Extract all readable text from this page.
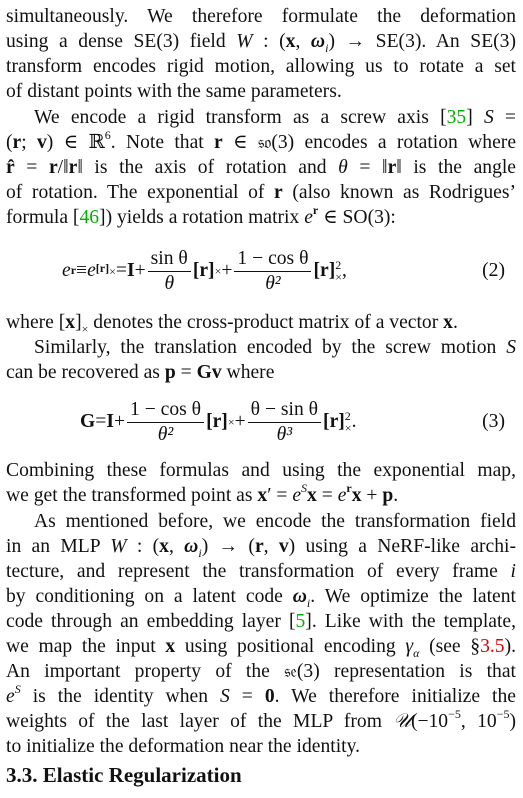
simultaneously. We therefore formulate the deformation
using a dense SE(3) field W : (x, $\omega_i) \to SE(3)$. An SE(3)
transform encodes rigid motion, allowing us to rotate a set
of distant points with the same parameters.
We encode a rigid transform as a screw axis [35] S =
(r; v) ∈ ℝ$^6$. Note that r ∈ 𝔰𝔬(3) encodes a rotation where
r̂ = r/‖r‖ is the axis of rotation and θ = ‖r‖ is the angle
of rotation. The exponential of r (also known as Rodrigues’
formula [46]) yields a rotation matrix $e^r$ ∈ SO(3):
$e^r \equiv e$ $^{[r]_\times} = I + \frac{\text{sin θ}}{\theta} [r]$ × + $\frac{\text{1 − cos θ}}{\text{θ²}} [r]$ 2
× ,	(2)
where $[x]_\times$ denotes the cross-product matrix of a vector x.
Similarly, the translation encoded by the screw motion S
can be recovered as p = Gv where
$G = I + \frac{\text{1 − cos θ}}{\text{θ²}} [r]$ × + $\frac{\text{θ − sin θ}}{\text{θ³}} [r]$ 2
× .	(3)
Combining these formulas and using the exponential map,
we get the transformed point as $x' = e^Sx = e^rx + p$.
As mentioned before, we encode the transformation field
in an MLP W : (x, $\omega_i) \to (r$, v) using a NeRF-like archi-
tecture, and represent the transformation of every frame i
by conditioning on a latent code $\omega_i$. We optimize the latent
code through an embedding layer [5]. Like with the template,
we map the input x using positional encoding $\gamma_\alpha$ (see §3.5).
An important property of the 𝔰𝔢(3) representation is that
$e^S$ is the identity when S = 0. We therefore initialize the
weights of the last layer of the MLP from $𝒰(-10^{-5}$, $10^{-5}$)
to initialize the deformation near the identity.
3.3. Elastic Regularization
